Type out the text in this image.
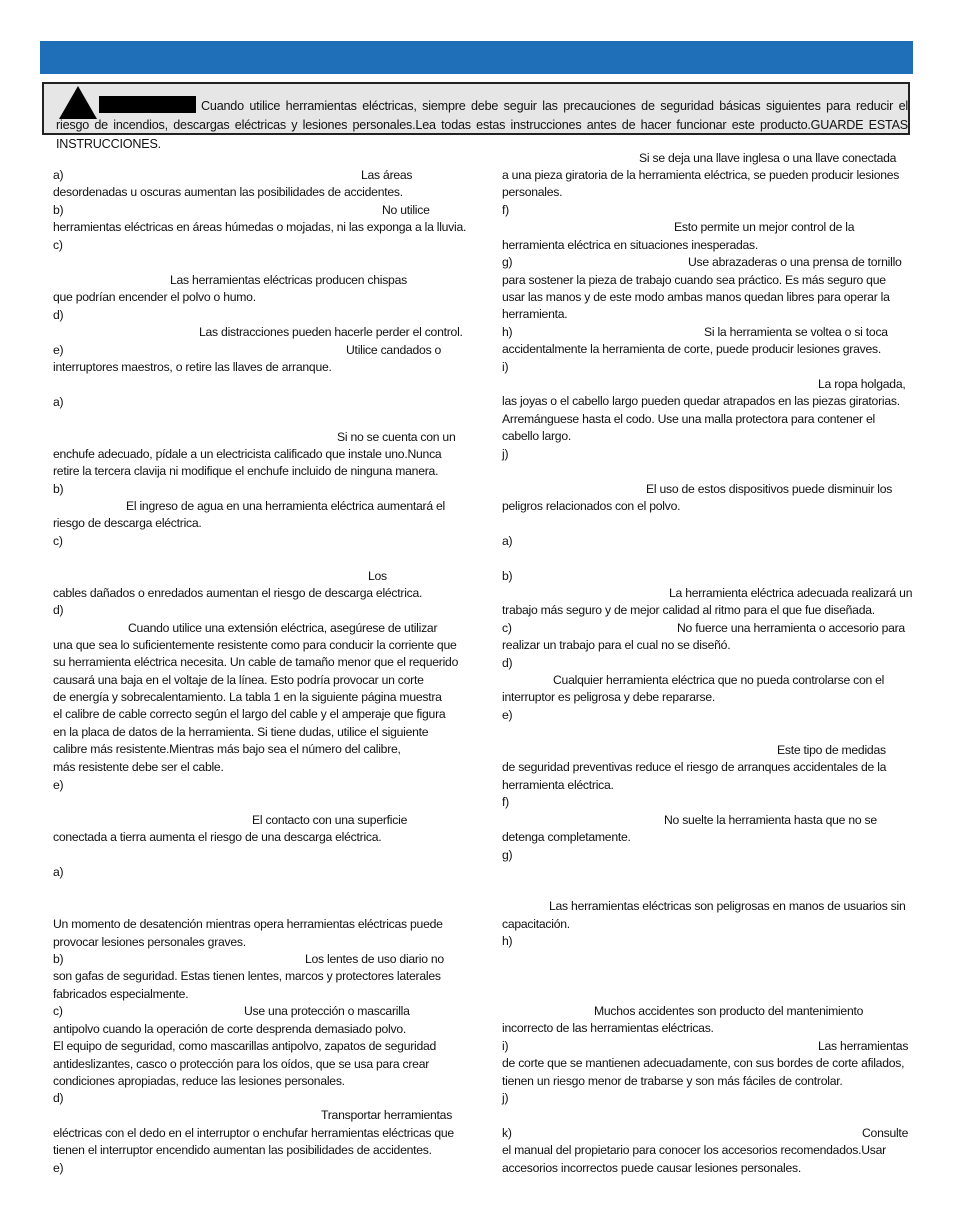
Cuando utilice herramientas eléctricas, siempre debe seguir las precauciones de seguridad básicas siguientes para reducir el riesgo de incendios, descargas eléctricas y lesiones personales.Lea todas estas instrucciones antes de hacer funcionar este producto.GUARDE ESTAS INSTRUCCIONES.
a)	Las áreas
desordenadas u oscuras aumentan las posibilidades de accidentes.
b)	No utilice
herramientas eléctricas en áreas húmedas o mojadas, ni las exponga a la lluvia.
c)
Las herramientas eléctricas producen chispas
que podrían encender el polvo o humo.
d)
Las distracciones pueden hacerle perder el control.
e)	Utilice candados o
interruptores maestros, o retire las llaves de arranque.
a)
Si no se cuenta con un
enchufe adecuado, pídale a un electricista calificado que instale uno.Nunca
retire la tercera clavija ni modifique el enchufe incluido de ninguna manera.
b)
El ingreso de agua en una herramienta eléctrica aumentará el
riesgo de descarga eléctrica.
c)
Los
cables dañados o enredados aumentan el riesgo de descarga eléctrica.
d)
Cuando utilice una extensión eléctrica, asegúrese de utilizar
una que sea lo suficientemente resistente como para conducir la corriente que
su herramienta eléctrica necesita. Un cable de tamaño menor que el requerido
causará una baja en el voltaje de la línea. Esto podría provocar un corte
de energía y sobrecalentamiento. La tabla 1 en la siguiente página muestra
el calibre de cable correcto según el largo del cable y el amperaje que figura
en la placa de datos de la herramienta. Si tiene dudas, utilice el siguiente
calibre más resistente.Mientras más bajo sea el número del calibre,
más resistente debe ser el cable.
e)
El contacto con una superficie
conectada a tierra aumenta el riesgo de una descarga eléctrica.
a)
Un momento de desatención mientras opera herramientas eléctricas puede
provocar lesiones personales graves.
b)	Los lentes de uso diario no
son gafas de seguridad. Estas tienen lentes, marcos y protectores laterales
fabricados especialmente.
c)	Use una protección o mascarilla
antipolvo cuando la operación de corte desprenda demasiado polvo.
El equipo de seguridad, como mascarillas antipolvo, zapatos de seguridad
antideslizantes, casco o protección para los oídos, que se usa para crear
condiciones apropiadas, reduce las lesiones personales.
d)
Transportar herramientas
eléctricas con el dedo en el interruptor o enchufar herramientas eléctricas que
tienen el interruptor encendido aumentan las posibilidades de accidentes.
e)
Si se deja una llave inglesa o una llave conectada
a una pieza giratoria de la herramienta eléctrica, se pueden producir lesiones
personales.
f)
Esto permite un mejor control de la
herramienta eléctrica en situaciones inesperadas.
g)	Use abrazaderas o una prensa de tornillo
para sostener la pieza de trabajo cuando sea práctico. Es más seguro que
usar las manos y de este modo ambas manos quedan libres para operar la
herramienta.
h)	Si la herramienta se voltea o si toca
accidentalmente la herramienta de corte, puede producir lesiones graves.
i)
La ropa holgada,
las joyas o el cabello largo pueden quedar atrapados en las piezas giratorias.
Arremánguese hasta el codo. Use una malla protectora para contener el
cabello largo.
j)
El uso de estos dispositivos puede disminuir los
peligros relacionados con el polvo.
a)
b)
La herramienta eléctrica adecuada realizará un
trabajo más seguro y de mejor calidad al ritmo para el que fue diseñada.
c)	No fuerce una herramienta o accesorio para
realizar un trabajo para el cual no se diseñó.
d)
Cualquier herramienta eléctrica que no pueda controlarse con el
interruptor es peligrosa y debe repararse.
e)
Este tipo de medidas
de seguridad preventivas reduce el riesgo de arranques accidentales de la
herramienta eléctrica.
f)
No suelte la herramienta hasta que no se
detenga completamente.
g)
Las herramientas eléctricas son peligrosas en manos de usuarios sin
capacitación.
h)
Muchos accidentes son producto del mantenimiento
incorrecto de las herramientas eléctricas.
i)	Las herramientas
de corte que se mantienen adecuadamente, con sus bordes de corte afilados,
tienen un riesgo menor de trabarse y son más fáciles de controlar.
j)
k)	Consulte
el manual del propietario para conocer los accesorios recomendados.Usar
accesorios incorrectos puede causar lesiones personales.
